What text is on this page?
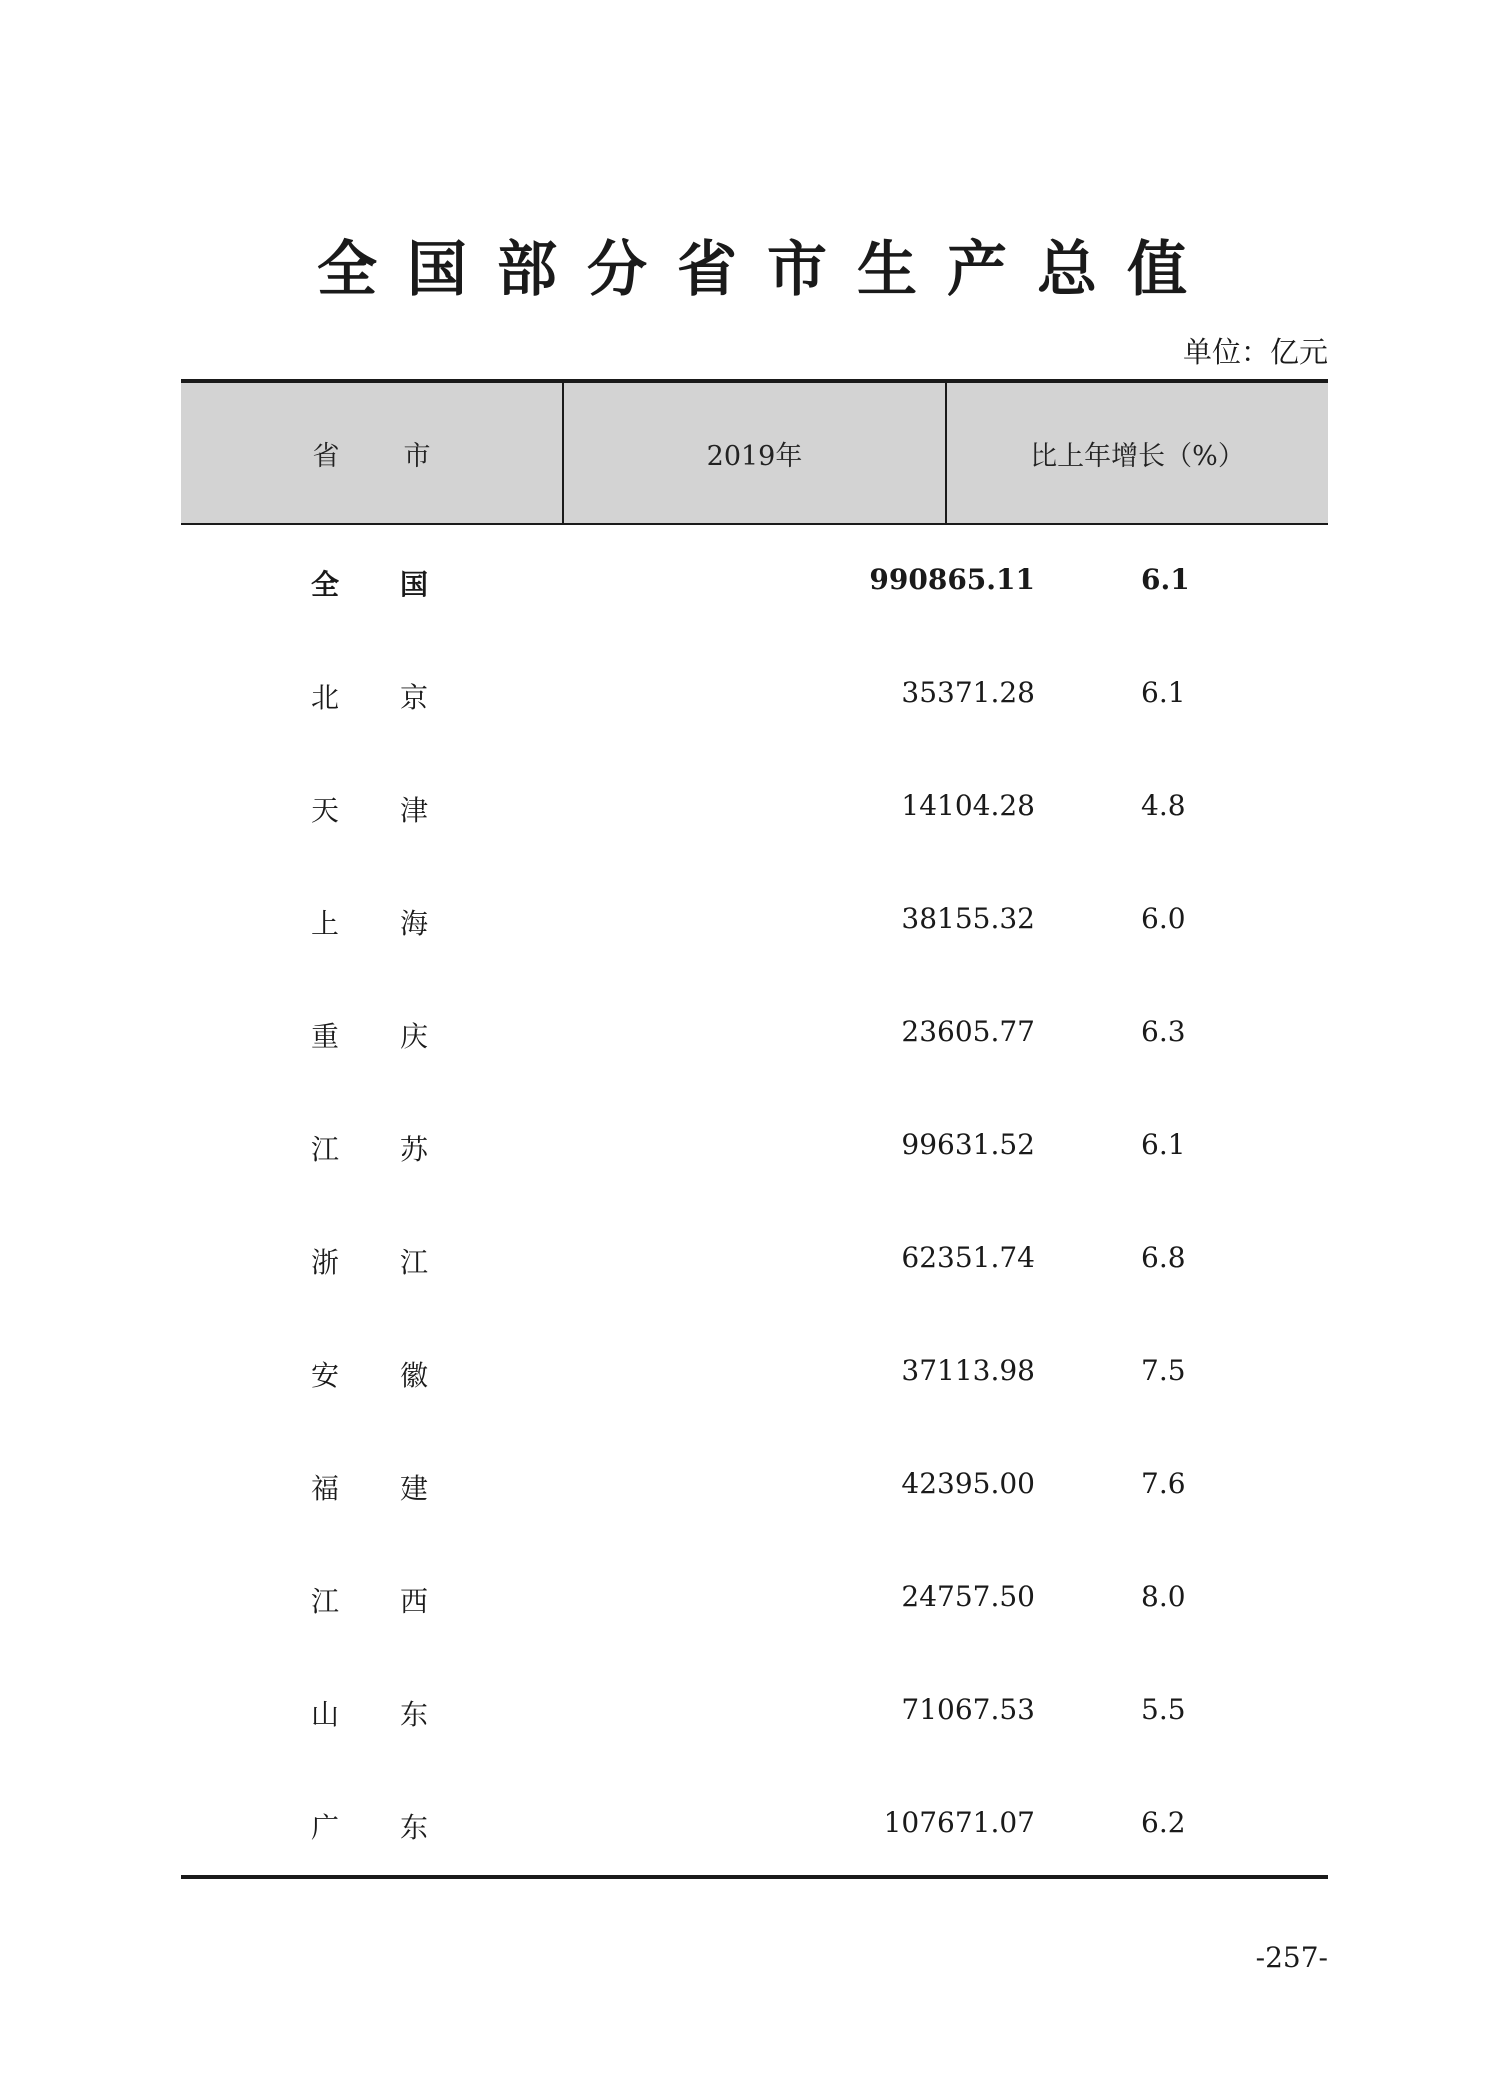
全国部分省市生产总值
单位：亿元
省市	2019年	比上年增长（%）
全国	990865.11	6.1
北京	35371.28	6.1
天津	14104.28	4.8
上海	38155.32	6.0
重庆	23605.77	6.3
江苏	99631.52	6.1
浙江	62351.74	6.8
安徽	37113.98	7.5
福建	42395.00	7.6
江西	24757.50	8.0
山东	71067.53	5.5
广东	107671.07	6.2
-257-
